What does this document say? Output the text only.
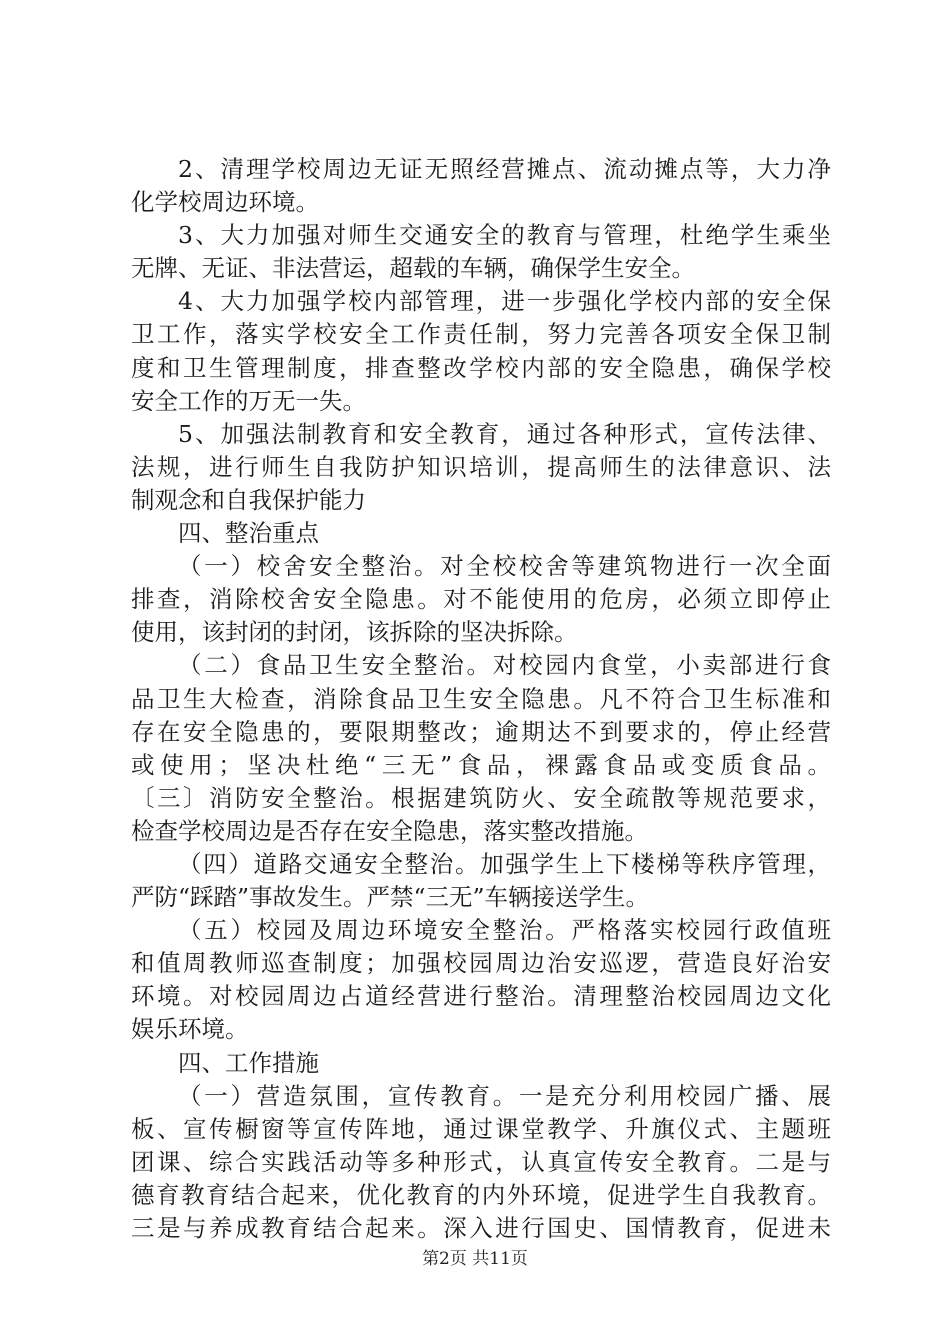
2、清理学校周边无证无照经营摊点、流动摊点等，大力净
化学校周边环境。
3、大力加强对师生交通安全的教育与管理，杜绝学生乘坐
无牌、无证、非法营运，超载的车辆，确保学生安全。
4、大力加强学校内部管理，进一步强化学校内部的安全保
卫工作，落实学校安全工作责任制，努力完善各项安全保卫制
度和卫生管理制度，排查整改学校内部的安全隐患，确保学校
安全工作的万无一失。
5、加强法制教育和安全教育，通过各种形式，宣传法律、
法规，进行师生自我防护知识培训，提高师生的法律意识、法
制观念和自我保护能力
四、整治重点
（一）校舍安全整治。对全校校舍等建筑物进行一次全面
排查，消除校舍安全隐患。对不能使用的危房，必须立即停止
使用，该封闭的封闭，该拆除的坚决拆除。
（二）食品卫生安全整治。对校园内食堂，小卖部进行食
品卫生大检查，消除食品卫生安全隐患。凡不符合卫生标准和
存在安全隐患的，要限期整改；逾期达不到要求的，停止经营
或使用；坚决杜绝“三无”食品，裸露食品或变质食品。
〔三〕消防安全整治。根据建筑防火、安全疏散等规范要求，
检查学校周边是否存在安全隐患，落实整改措施。
（四）道路交通安全整治。加强学生上下楼梯等秩序管理，
严防“踩踏”事故发生。严禁“三无”车辆接送学生。
（五）校园及周边环境安全整治。严格落实校园行政值班
和值周教师巡查制度；加强校园周边治安巡逻，营造良好治安
环境。对校园周边占道经营进行整治。清理整治校园周边文化
娱乐环境。
四、工作措施
（一）营造氛围，宣传教育。一是充分利用校园广播、展
板、宣传橱窗等宣传阵地，通过课堂教学、升旗仪式、主题班
团课、综合实践活动等多种形式，认真宣传安全教育。二是与
德育教育结合起来，优化教育的内外环境，促进学生自我教育。
三是与养成教育结合起来。深入进行国史、国情教育，促进未
第2页 共11页
